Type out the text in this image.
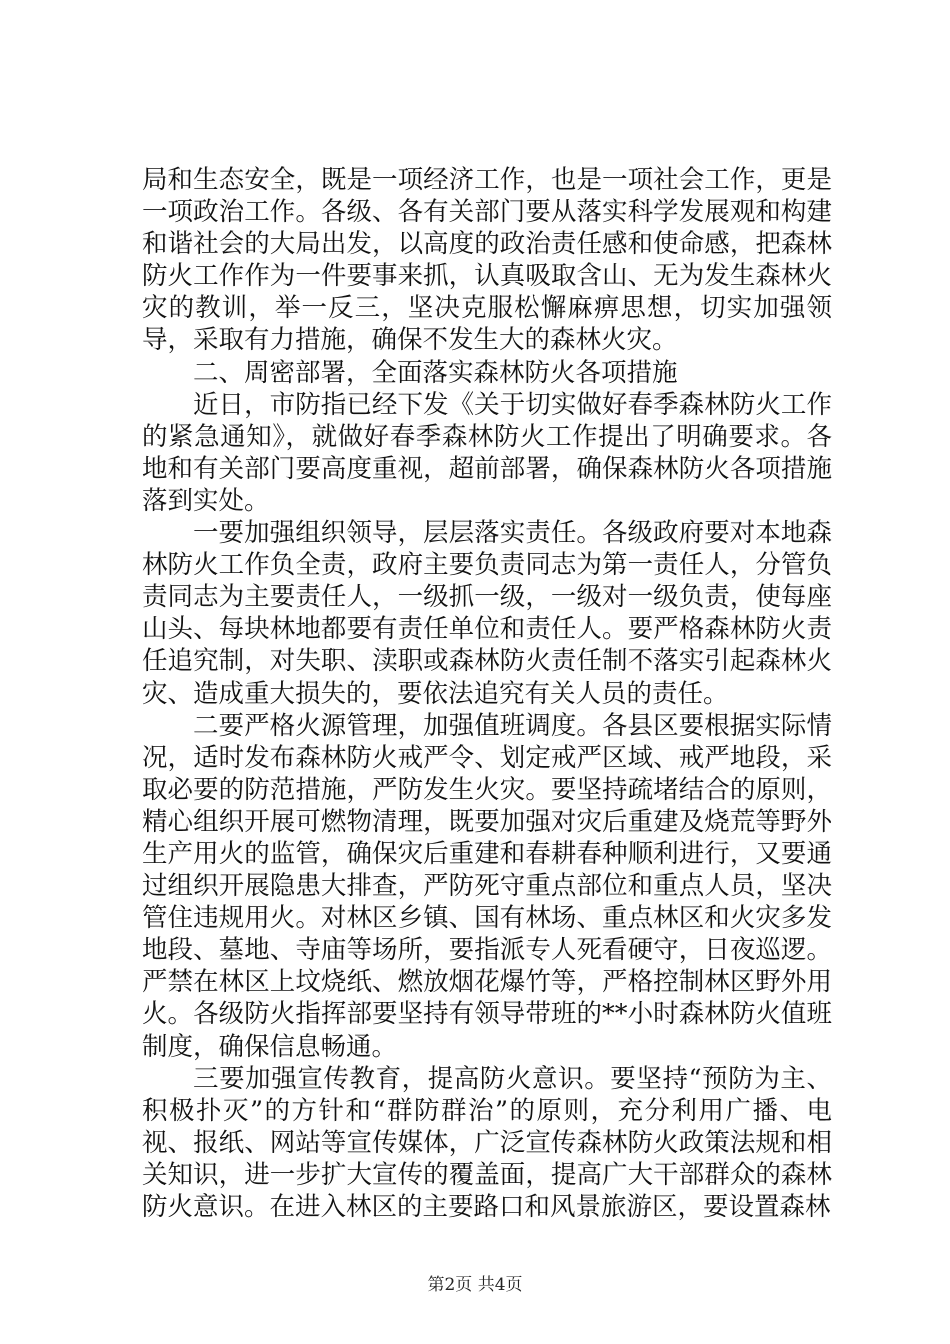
局和生态安全，既是一项经济工作，也是一项社会工作，更是一项政治工作。各级、各有关部门要从落实科学发展观和构建和谐社会的大局出发，以高度的政治责任感和使命感，把森林防火工作作为一件要事来抓，认真吸取含山、无为发生森林火灾的教训，举一反三，坚决克服松懈麻痹思想，切实加强领导，采取有力措施，确保不发生大的森林火灾。

二、周密部署，全面落实森林防火各项措施

近日，市防指已经下发《关于切实做好春季森林防火工作的紧急通知》，就做好春季森林防火工作提出了明确要求。各地和有关部门要高度重视，超前部署，确保森林防火各项措施落到实处。

一要加强组织领导，层层落实责任。各级政府要对本地森林防火工作负全责，政府主要负责同志为第一责任人，分管负责同志为主要责任人，一级抓一级，一级对一级负责，使每座山头、每块林地都要有责任单位和责任人。要严格森林防火责任追究制，对失职、渎职或森林防火责任制不落实引起森林火灾、造成重大损失的，要依法追究有关人员的责任。

二要严格火源管理，加强值班调度。各县区要根据实际情况，适时发布森林防火戒严令、划定戒严区域、戒严地段，采取必要的防范措施，严防发生火灾。要坚持疏堵结合的原则，精心组织开展可燃物清理，既要加强对灾后重建及烧荒等野外生产用火的监管，确保灾后重建和春耕春种顺利进行，又要通过组织开展隐患大排查，严防死守重点部位和重点人员，坚决管住违规用火。对林区乡镇、国有林场、重点林区和火灾多发地段、墓地、寺庙等场所，要指派专人死看硬守，日夜巡逻。严禁在林区上坟烧纸、燃放烟花爆竹等，严格控制林区野外用火。各级防火指挥部要坚持有领导带班的**小时森林防火值班制度，确保信息畅通。

三要加强宣传教育，提高防火意识。要坚持“预防为主、积极扑灭”的方针和“群防群治”的原则，充分利用广播、电视、报纸、网站等宣传媒体，广泛宣传森林防火政策法规和相关知识，进一步扩大宣传的覆盖面，提高广大干部群众的森林防火意识。在进入林区的主要路口和风景旅游区，要设置森林

第2页 共4页
